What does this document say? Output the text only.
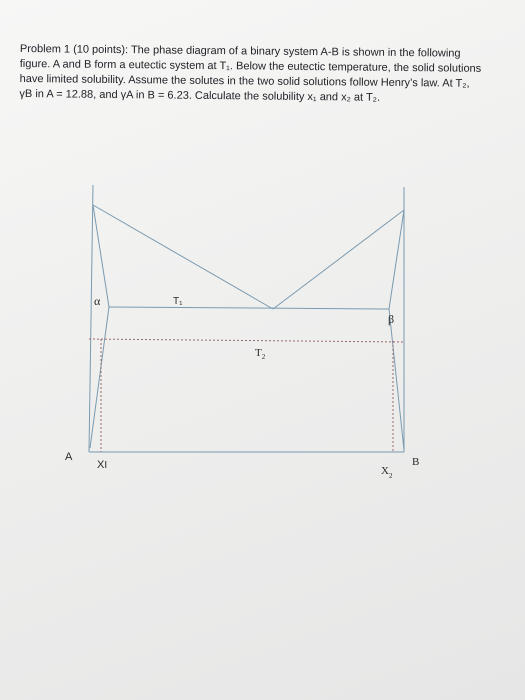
Problem 1 (10 points): The phase diagram of a binary system A-B is shown in the following

figure. A and B form a eutectic system at T₁. Below the eutectic temperature, the solid solutions

have limited solubility. Assume the solutes in the two solid solutions follow Henry’s law. At T₂,

γB in A = 12.88, and γA in B = 6.23. Calculate the solubility x₁ and x₂ at T₂.

α
β
T₁
$T_2$
A	B
XI	$X_2$
